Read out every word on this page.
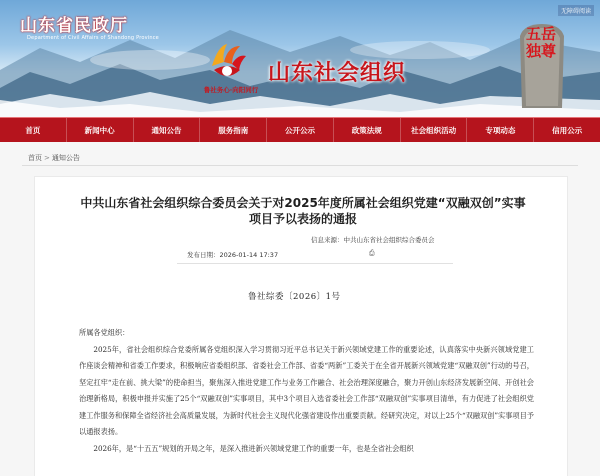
山东省民政厅
Department of Civil Affairs of Shandong Province
无障碍阅读
鲁社务心·向阳同行
山东社会组织
五岳独尊
首页	新闻中心	通知公告	服务指南	公开公示	政策法规	社会组织活动	专项动态	信用公示
首页 > 通知公告
中共山东省社会组织综合委员会关于对2025年度所属社会组织党建“双融双创”实事项目予以表扬的通报
信息来源：中共山东省社会组织综合委员会
发布日期：2026-01-14 17:37	⎙
鲁社综委〔2026〕1号

所属各党组织：

2025年，省社会组织综合党委所属各党组织深入学习贯彻习近平总书记关于新兴领域党建工作的重要论述，认真落实中央新兴领域党建工作座谈会精神和省委工作要求，积极响应省委组织部、省委社会工作部、省委“两新”工委关于在全省开展新兴领域党建“双融双创”行动的号召，坚定扛牢“走在前、挑大梁”的使命担当，聚焦深入推进党建工作与业务工作融合、社会治理深度融合，聚力开创山东经济发展新空间、开创社会治理新格局，积极申报并实施了25个“双融双创”实事项目，其中3个项目入选省委社会工作部“双融双创”实事项目清单，有力促进了社会组织党建工作服务和保障全省经济社会高质量发展，为新时代社会主义现代化强省建设作出重要贡献。经研究决定，对以上25个“双融双创”实事项目予以通报表扬。

2026年，是“十五五”规划的开局之年，是深入推进新兴领域党建工作的重要一年，也是全省社会组织
